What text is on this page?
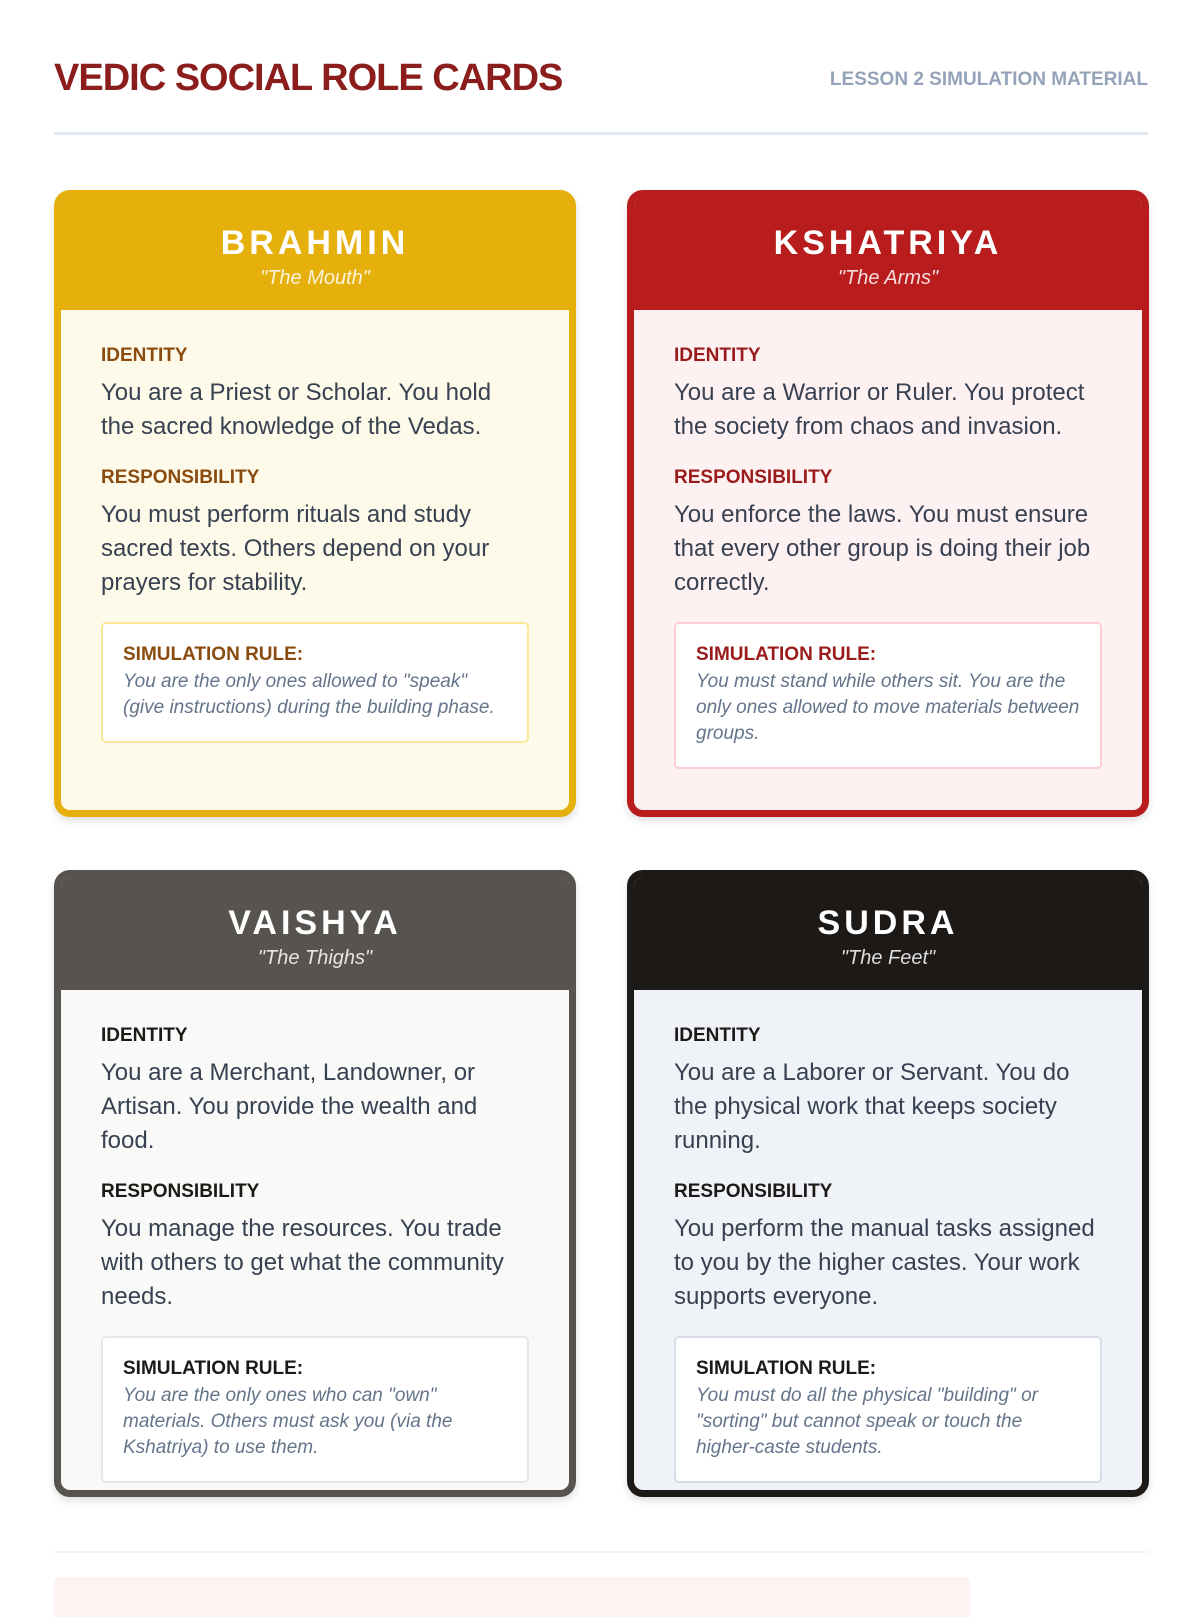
VEDIC SOCIAL ROLE CARDS	LESSON 2 SIMULATION MATERIAL
BRAHMIN
"The Mouth"
IDENTITY
You are a Priest or Scholar. You hold the sacred knowledge of the Vedas.
RESPONSIBILITY
You must perform rituals and study sacred texts. Others depend on your prayers for stability.
SIMULATION RULE:
You are the only ones allowed to "speak" (give instructions) during the building phase.
KSHATRIYA
"The Arms"
IDENTITY
You are a Warrior or Ruler. You protect the society from chaos and invasion.
RESPONSIBILITY
You enforce the laws. You must ensure that every other group is doing their job correctly.
SIMULATION RULE:
You must stand while others sit. You are the only ones allowed to move materials between groups.
VAISHYA
"The Thighs"
IDENTITY
You are a Merchant, Landowner, or Artisan. You provide the wealth and food.
RESPONSIBILITY
You manage the resources. You trade with others to get what the community needs.
SIMULATION RULE:
You are the only ones who can "own" materials. Others must ask you (via the Kshatriya) to use them.
SUDRA
"The Feet"
IDENTITY
You are a Laborer or Servant. You do the physical work that keeps society running.
RESPONSIBILITY
You perform the manual tasks assigned to you by the higher castes. Your work supports everyone.
SIMULATION RULE:
You must do all the physical "building" or "sorting" but cannot speak or touch the higher-caste students.
